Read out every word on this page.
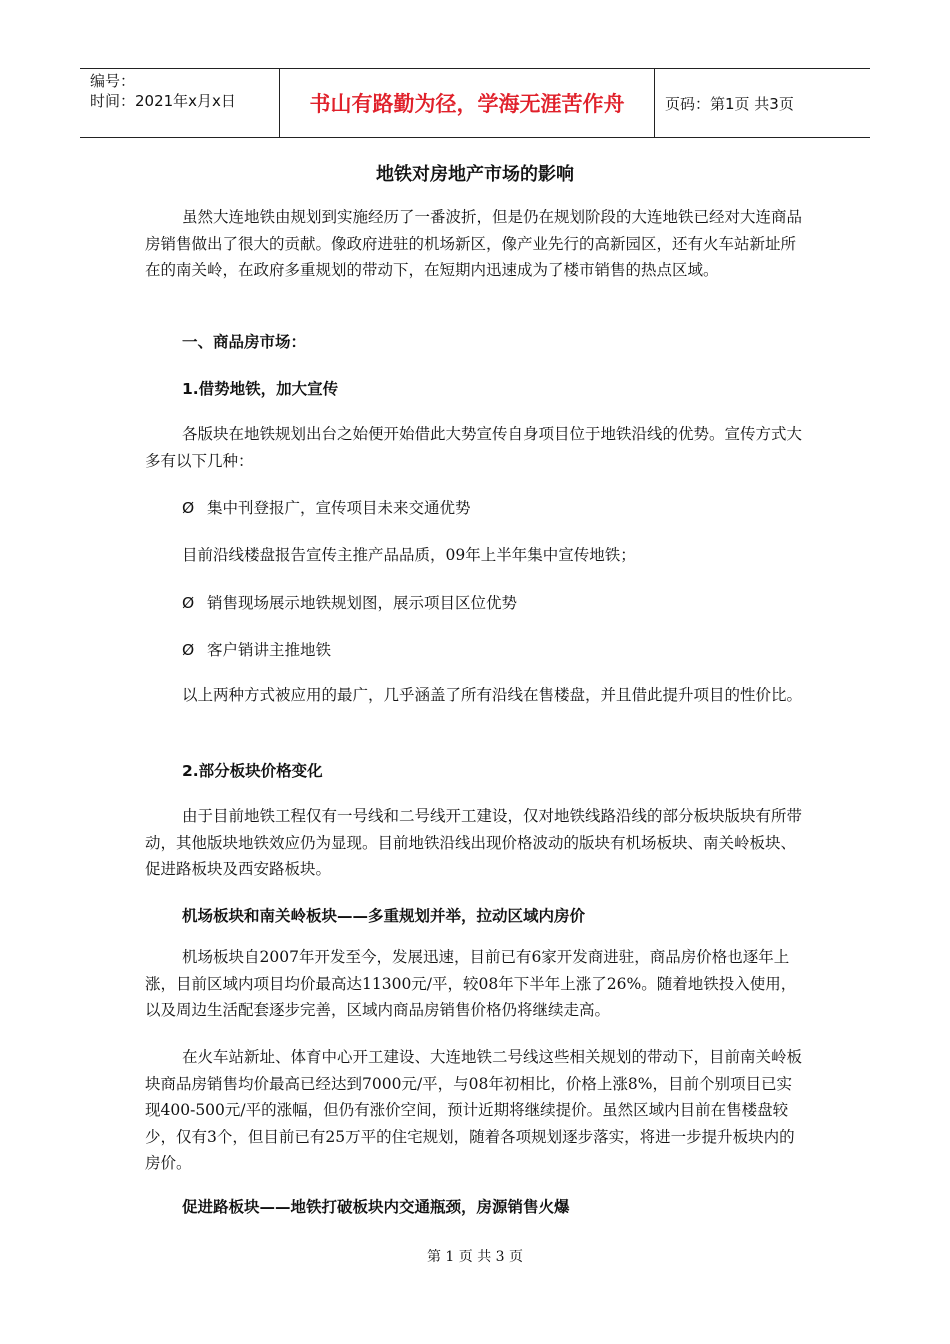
编号：
时间：2021年x月x日	书山有路勤为径，学海无涯苦作舟	页码：第1页 共3页
地铁对房地产市场的影响

虽然大连地铁由规划到实施经历了一番波折，但是仍在规划阶段的大连地铁已经对大连商品房销售做出了很大的贡献。像政府进驻的机场新区，像产业先行的高新园区，还有火车站新址所在的南关岭，在政府多重规划的带动下，在短期内迅速成为了楼市销售的热点区域。

一、商品房市场：
1.借势地铁，加大宣传

各版块在地铁规划出台之始便开始借此大势宣传自身项目位于地铁沿线的优势。宣传方式大多有以下几种：

Ø 集中刊登报广，宣传项目未来交通优势

目前沿线楼盘报告宣传主推产品品质，09年上半年集中宣传地铁；

Ø 销售现场展示地铁规划图，展示项目区位优势
Ø 客户销讲主推地铁

以上两种方式被应用的最广，几乎涵盖了所有沿线在售楼盘，并且借此提升项目的性价比。

2.部分板块价格变化

由于目前地铁工程仅有一号线和二号线开工建设，仅对地铁线路沿线的部分板块版块有所带动，其他版块地铁效应仍为显现。目前地铁沿线出现价格波动的版块有机场板块、南关岭板块、促进路板块及西安路板块。

机场板块和南关岭板块——多重规划并举，拉动区域内房价

机场板块自2007年开发至今，发展迅速，目前已有6家开发商进驻，商品房价格也逐年上涨，目前区域内项目均价最高达11300元/平，较08年下半年上涨了26%。随着地铁投入使用，以及周边生活配套逐步完善，区域内商品房销售价格仍将继续走高。

在火车站新址、体育中心开工建设、大连地铁二号线这些相关规划的带动下，目前南关岭板块商品房销售均价最高已经达到7000元/平，与08年初相比，价格上涨8%，目前个别项目已实现400-500元/平的涨幅，但仍有涨价空间，预计近期将继续提价。虽然区域内目前在售楼盘较少，仅有3个，但目前已有25万平的住宅规划，随着各项规划逐步落实，将进一步提升板块内的房价。

促进路板块——地铁打破板块内交通瓶颈，房源销售火爆
第 1 页 共 3 页
